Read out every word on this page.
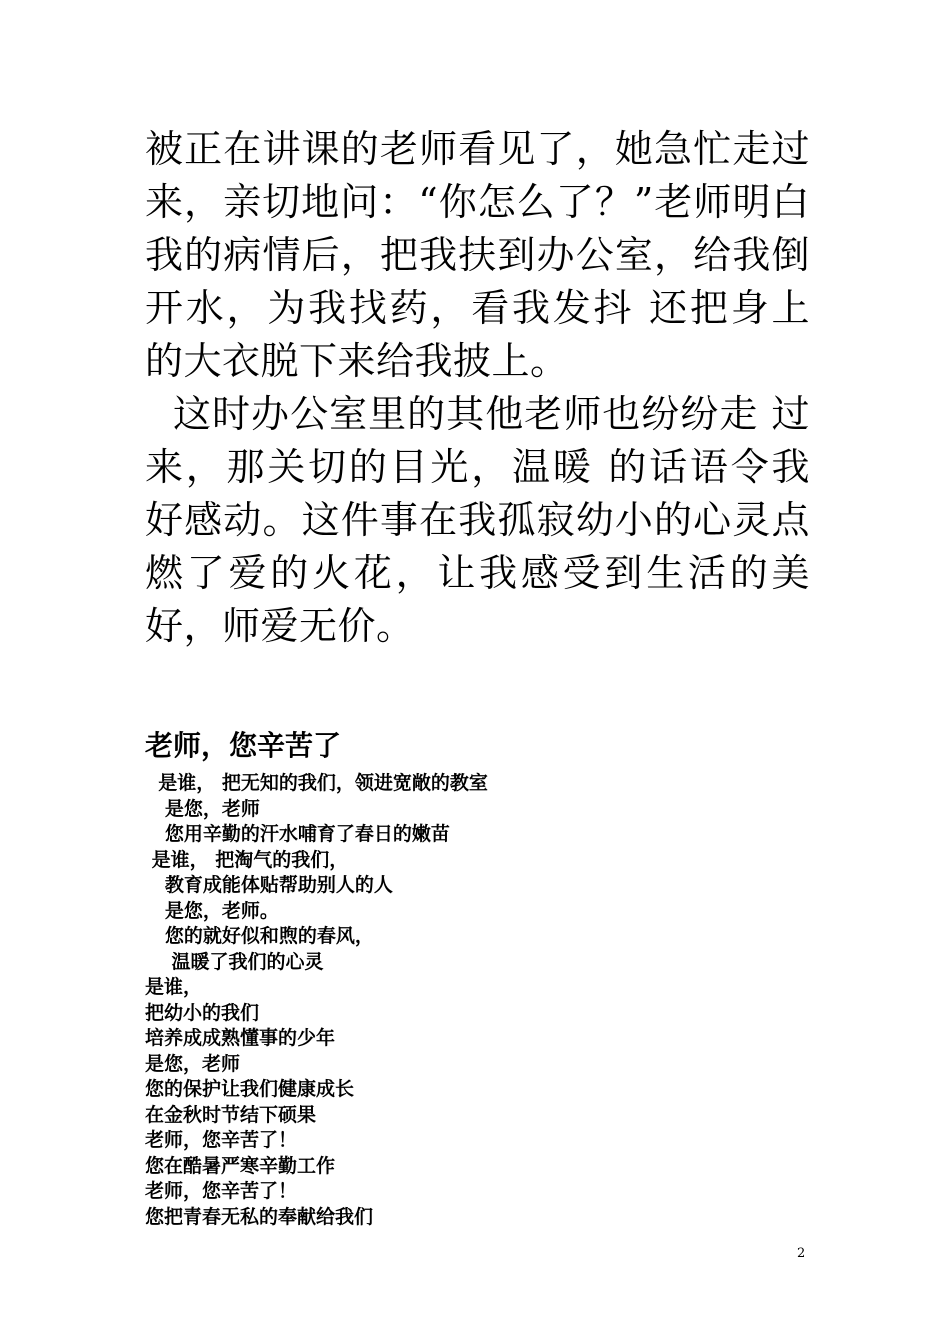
被正在讲课的老师看见了，她急忙走过来，亲切地问：“你怎么了？”老师明白我的病情后，把我扶到办公室，给我倒开水，为我找药，看我发抖 还把身上的大衣脱下来给我披上。

这时办公室里的其他老师也纷纷走 过来，那关切的目光，温暖 的话语令我好感动。这件事在我孤寂幼小的心灵点燃了爱的火花，让我感受到生活的美好，师爱无价。

老师，您辛苦了
是谁， 把无知的我们，领进宽敞的教室
是您，老师
您用辛勤的汗水哺育了春日的嫩苗
是谁， 把淘气的我们，
教育成能体贴帮助别人的人
是您，老师。
您的就好似和煦的春风，
温暖了我们的心灵
是谁，
把幼小的我们
培养成成熟懂事的少年
是您，老师
您的保护让我们健康成长
在金秋时节结下硕果
老师，您辛苦了！
您在酷暑严寒辛勤工作
老师，您辛苦了！
您把青春无私的奉献给我们
2
